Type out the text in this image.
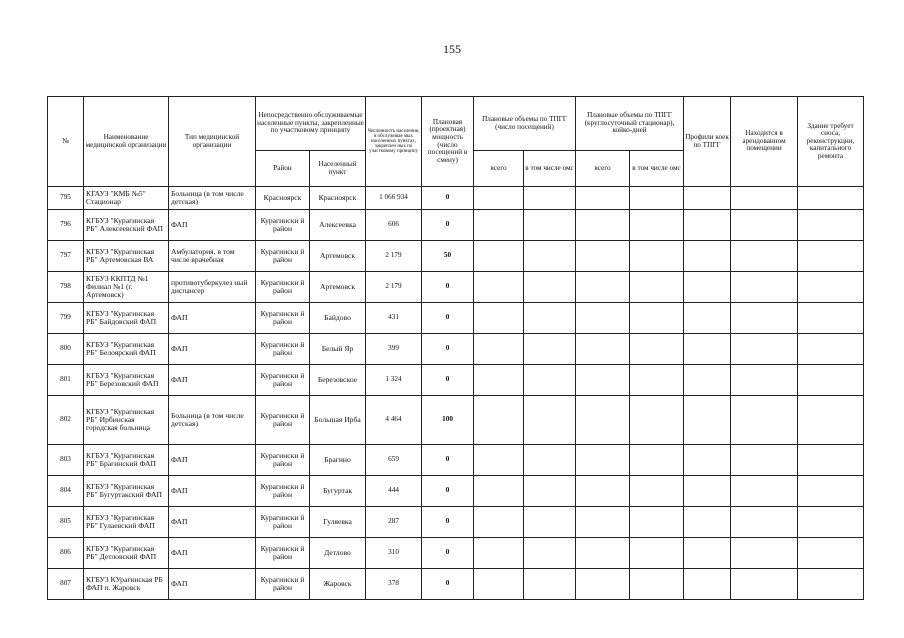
155
№	Наименование медицинской организации	Тип медицинской организации	Непосредственно обслуживаемые населенные пункты, закрепленные по участковому принципу		Численность населения, в обслуживае мых населенных пунктах, закреплен ных по участковому принципу	Плановая (проектная) мощность (число посещений в смену)	Плановые объемы по ТПГГ (число посещений)		Плановые объемы по ТПГГ (круглосуточный стационар), койко-дней		Профили коек по ТПГГ	Находится в арендованном помещении	Здание требует сноса, реконструкции, капитального ремонта
			Район	Населенный пункт			всего	в том числе омс	всего	в том числе омс			
795	КГАУЗ "КМБ №5" Стационар	Больница (в том числе детская)	Красноярск	Красноярск	1 066 934	0							
796	КГБУЗ "Курагинская РБ" Алексеевский ФАП	ФАП	Курагински й район	Алексеевка	606	0							
797	КГБУЗ "Курагинская РБ" Артемовская ВА	Амбулатория, в том числе врачебная	Курагински й район	Артемовск	2 179	50							
798	КГБУЗ ККПТД №1 Филиал №1 (г. Артемовск)	противотуберкулез ный диспансер	Курагински й район	Артемовск	2 179	0							
799	КГБУЗ "Курагинская РБ" Байдовский ФАП	ФАП	Курагински й район	Байдово	431	0							
800	КГБУЗ "Курагинская РБ" Белоярский ФАП	ФАП	Курагински й район	Белый Яр	399	0							
801	КГБУЗ "Курагинская РБ" Березовский ФАП	ФАП	Курагински й район	Березовское	1 324	0							
802	КГБУЗ "Курагинская РБ" Ирбинская городская больница	Больница (в том числе детская)	Курагински й район	Большая Ирба	4 464	100							
803	КГБУЗ "Курагинская РБ" Брагинский ФАП	ФАП	Курагински й район	Брагино	659	0							
804	КГБУЗ "Курагинская РБ" Бугуртакский ФАП	ФАП	Курагински й район	Бугуртак	444	0							
805	КГБУЗ "Курагинская РБ" Гулаевский ФАП	ФАП	Курагински й район	Гуляевка	287	0							
806	КГБУЗ "Курагинская РБ" Детловский ФАП	ФАП	Курагински й район	Детлово	310	0							
807	КГБУЗ КУрагинская РБ ФАП п. Жаровск	ФАП	Курагински й район	Жаровск	378	0							
